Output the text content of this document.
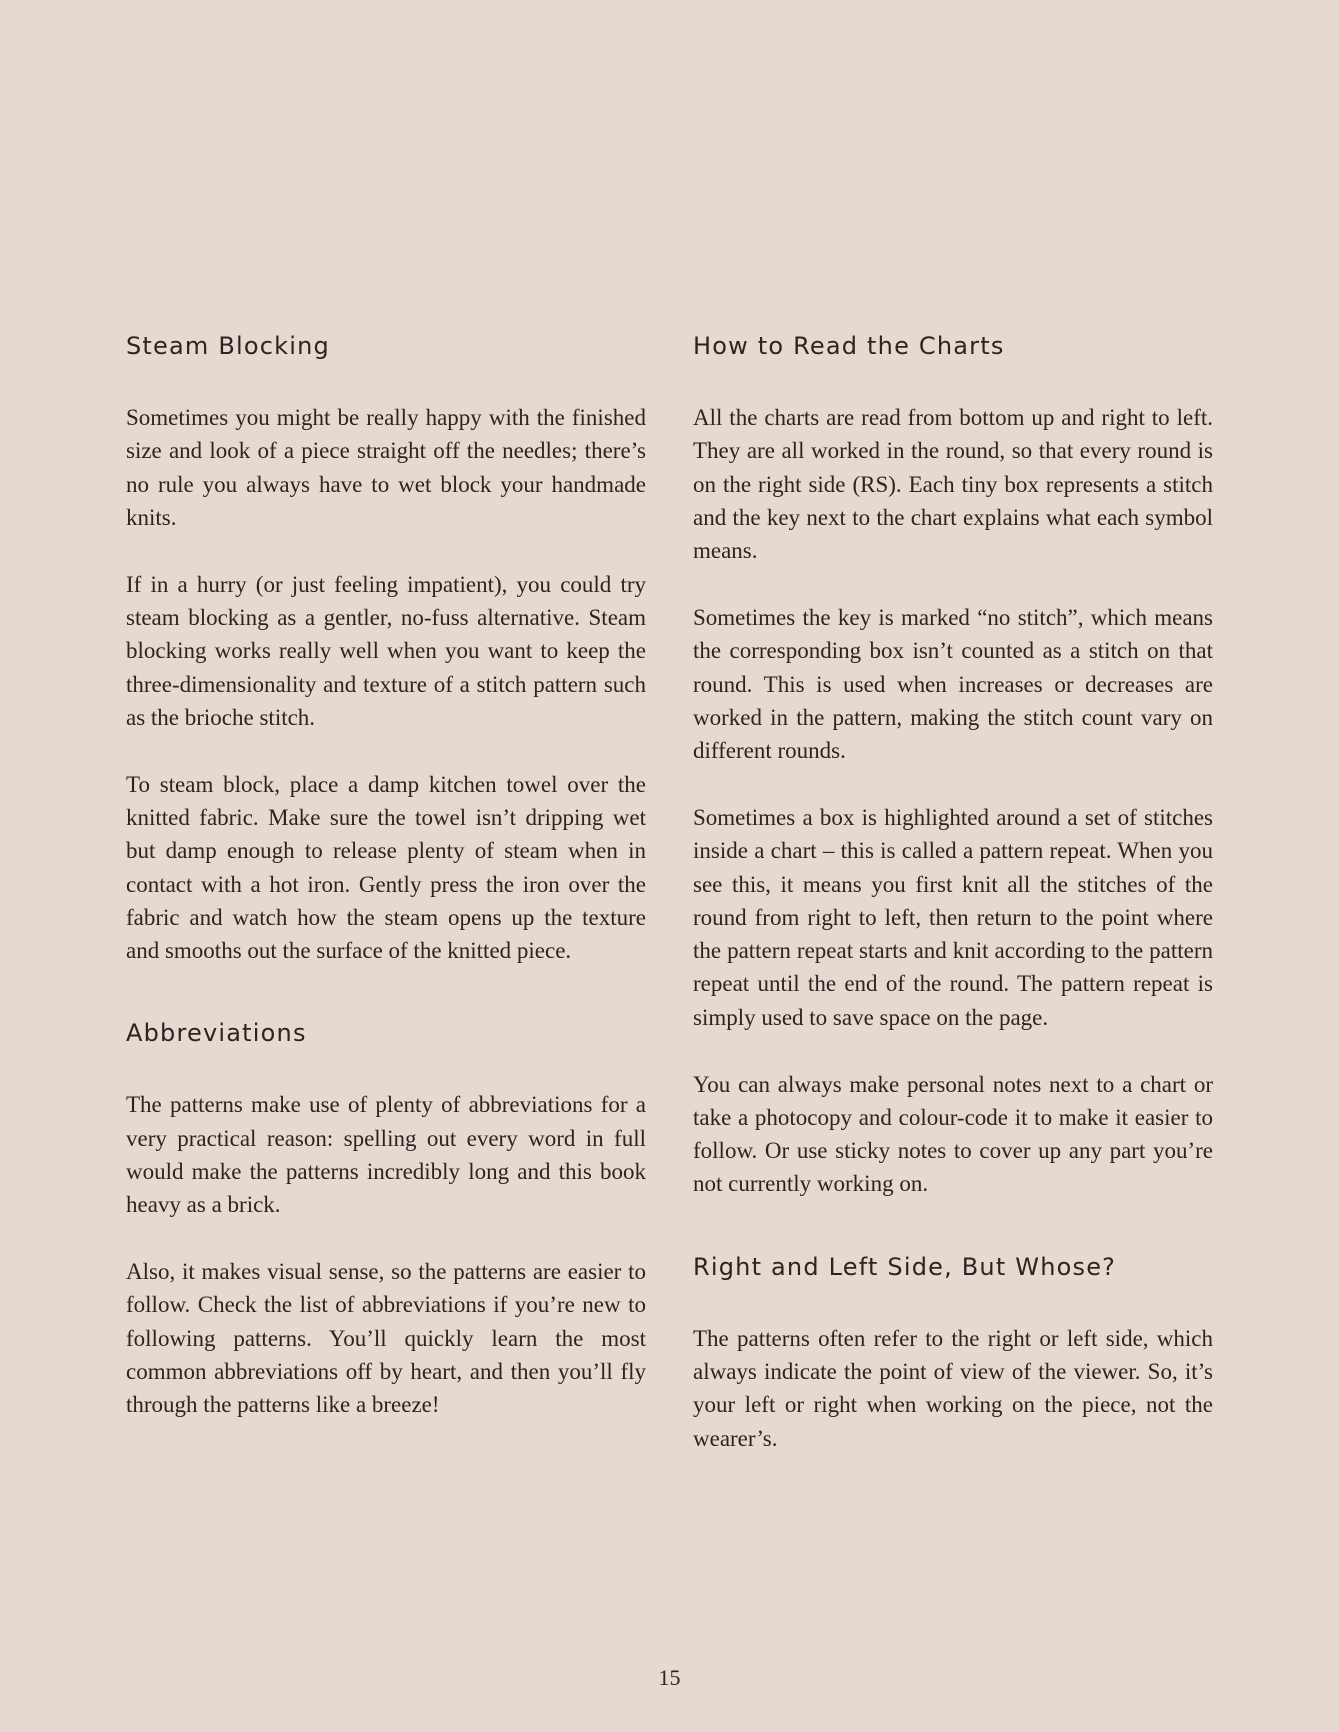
Steam Blocking

Sometimes you might be really happy with the finished size and look of a piece straight off the needles; there’s no rule you always have to wet block your handmade knits.

If in a hurry (or just feeling impatient), you could try steam blocking as a gentler, no-fuss alternative. Steam blocking works really well when you want to keep the three-dimensionality and texture of a stitch pattern such as the brioche stitch.

To steam block, place a damp kitchen towel over the knitted fabric. Make sure the towel isn’t dripping wet but damp enough to release plenty of steam when in contact with a hot iron. Gently press the iron over the fabric and watch how the steam opens up the texture and smooths out the surface of the knitted piece.

Abbreviations

The patterns make use of plenty of abbreviations for a very practical reason: spelling out every word in full would make the patterns incredibly long and this book heavy as a brick.

Also, it makes visual sense, so the patterns are easier to follow. Check the list of abbreviations if you’re new to following patterns. You’ll quickly learn the most common abbreviations off by heart, and then you’ll fly through the patterns like a breeze!

How to Read the Charts

All the charts are read from bottom up and right to left. They are all worked in the round, so that every round is on the right side (RS). Each tiny box represents a stitch and the key next to the chart explains what each symbol means.

Sometimes the key is marked “no stitch”, which means the corresponding box isn’t counted as a stitch on that round. This is used when increases or decreases are worked in the pattern, making the stitch count vary on different rounds.

Sometimes a box is highlighted around a set of stitches inside a chart – this is called a pattern repeat. When you see this, it means you first knit all the stitches of the round from right to left, then return to the point where the pattern repeat starts and knit according to the pattern repeat until the end of the round. The pattern repeat is simply used to save space on the page.

You can always make personal notes next to a chart or take a photocopy and colour-code it to make it easier to follow. Or use sticky notes to cover up any part you’re not currently working on.

Right and Left Side, But Whose?

The patterns often refer to the right or left side, which always indicate the point of view of the viewer. So, it’s your left or right when working on the piece, not the wearer’s.

15
